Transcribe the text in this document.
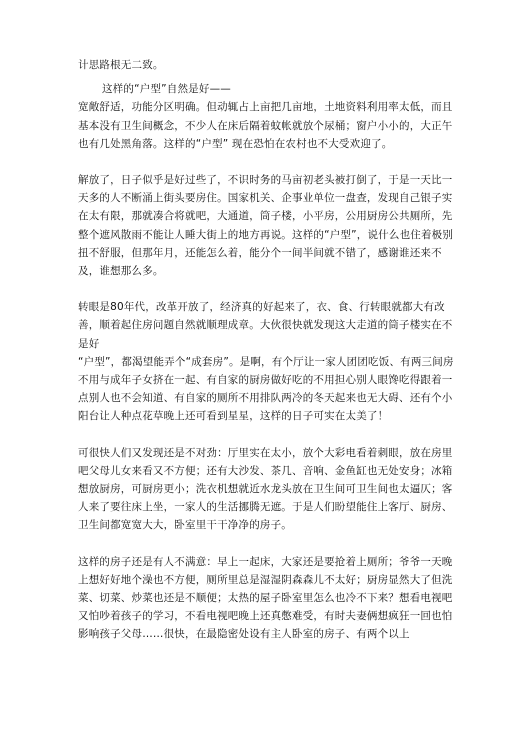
计思路根无二致。

这样的“户型”自然是好——

宽敞舒适，功能分区明确。但动辄占上亩把几亩地，土地资料利用率太低，而且基本没有卫生间概念，不少人在床后隔着蚊帐就放个尿桶；窗户小小的，大正午也有几处黑角落。这样的“户型” 现在恐怕在农村也不大受欢迎了。

解放了，日子似乎是好过些了，不识时务的马亩初老头被打倒了，于是一天比一天多的人不断涌上街头要房住。国家机关、企事业单位一盘查，发现自己银子实在太有限，那就凑合将就吧，大通道，筒子楼，小平房，公用厨房公共厕所，先整个遮风散雨不能让人睡大街上的地方再说。这样的“户型”，说什么也住着极别扭不舒服，但那年月，还能怎么着，能分个一间半间就不错了，感谢谁还来不及，谁想那么多。

转眼是80年代，改革开放了，经济真的好起来了，衣、食、行转眼就都大有改善，顺着起住房问题自然就顺理成章。大伙很快就发现这大走道的筒子楼实在不是好

“户型”，都渴望能弄个“成套房”。是啊，有个厅让一家人团团吃饭、有两三间房不用与成年子女挤在一起、有自家的厨房做好吃的不用担心别人眼馋吃得跟着一点别人也不会知道、有自家的厕所不用排队两冷的冬天起来也无大碍、还有个小阳台让人种点花草晚上还可看到星星，这样的日子可实在太美了！

可很快人们又发现还是不对劲：厅里实在太小，放个大彩电看着刺眼，放在房里吧父母儿女来看又不方便；还有大沙发、茶几、音响、金鱼缸也无处安身；冰箱想放厨房，可厨房更小；洗衣机想就近水龙头放在卫生间可卫生间也太逼仄；客人来了要往床上坐，一家人的生活挪腾无遮。于是人们盼望能住上客厅、厨房、卫生间都宽宽大大，卧室里干干净净的房子。

这样的房子还是有人不满意：早上一起床，大家还是要抢着上厕所；爷爷一天晚上想好好地个澡也不方便，厕所里总是湿湿阴森森儿不太好；厨房显然大了但洗菜、切菜、炒菜也还是不顺便；太热的屋子卧室里怎么也冷不下来？想看电视吧又怕吵着孩子的学习，不看电视吧晚上还真憋难受，有时夫妻俩想疯狂一回也怕影响孩子父母……很快，在最隐密处设有主人卧室的房子、有两个以上
